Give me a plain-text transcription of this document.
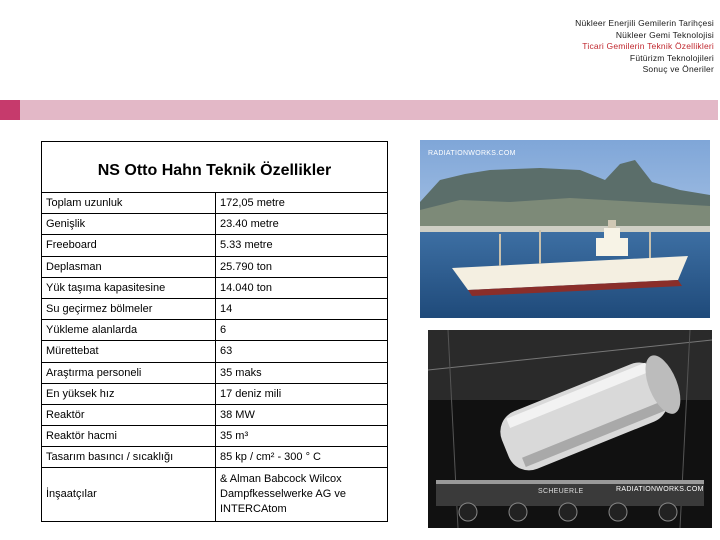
Nükleer Enerjili Gemilerin Tarihçesi
Nükleer Gemi Teknolojisi
Ticari Gemilerin Teknik Özellikleri
Fütürizm Teknolojileri
Sonuç ve Öneriler
NS Otto Hahn Teknik Özellikler
Toplam uzunluk	172,05 metre
Genişlik	23.40 metre
Freeboard	5.33 metre
Deplasman	25.790 ton
Yük taşıma kapasitesine	14.040 ton
Su geçirmez bölmeler	14
Yükleme alanlarda	6
Mürettebat	63
Araştırma personeli	35 maks
En yüksek hız	17 deniz mili
Reaktör	38 MW
Reaktör hacmi	35 m³
Tasarım basıncı / sıcaklığı	85 kp / cm² - 300 ° C
İnşaatçılar	& Alman Babcock Wilcox Dampfkesselwerke AG ve INTERCAtom
RADIATIONWORKS.COM
SCHEUERLE	RADIATIONWORKS.COM
